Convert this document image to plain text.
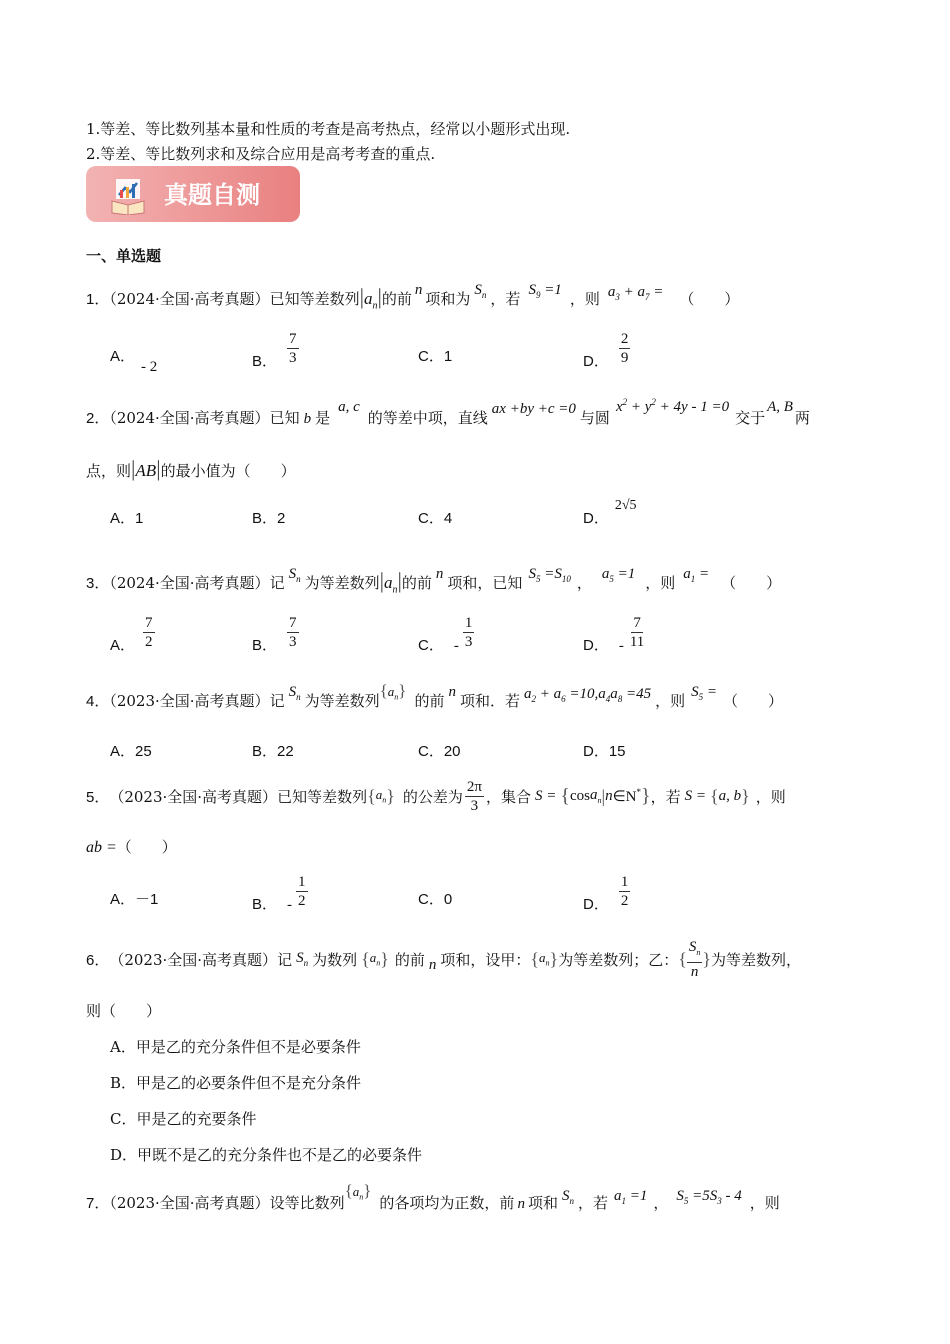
1.等差、等比数列基本量和性质的考查是高考热点，经常以小题形式出现.
2.等差、等比数列求和及综合应用是高考考查的重点.
真题自测
一、单选题
1．（2024·全国·高考真题）已知等差数列$|a_n|$的前 n 项和为 $S_n$ ，若 $S_9 =1$ ，则 $a_3 + a_7$ = （　　）
A．- 2	B． $\frac{7}{3}$	C．1	D． $\frac{2}{9}$
2．（2024·全国·高考真题）已知 b 是a, c的等差中项，直线 ax +by +c =0 与圆$x^2 + y^2 + 4y - 1 =0$交于A, B两
点，则|AB|的最小值为（　　）
A．1	B．2	C．4	D．2√5
3．（2024·全国·高考真题）记 $S_n$ 为等差数列$|a_n|$的前 n 项和，已知 $S_5 =S_{10}$ ， $a_5 =1$ ，则 $a_1$ = （　　）
A． $\frac{7}{2}$	B． $\frac{7}{3}$	C． - $\frac{1}{3}$	D． - $\frac{7}{11}$
4．（2023·全国·高考真题）记 $S_n$ 为等差数列$\{a_n\}$的前 n 项和．若 $a_2 + a_6 =10,a_4a_8 =45$ ，则 $S_5$ = （　　）
A．25	B．22	C．20	D．15
5． （2023·全国·高考真题） 已知等差数列 { $a_n$ } 的公差为 $\frac{2\pi}{3}$ ，集合 S = { $\cos a_n$ | n ∈N* } ，若 S = { a, b } ，则
ab =（　　）
A．－1	B． - $\frac{1}{2}$	C．0	D． $\frac{1}{2}$
6． （2023·全国·高考真题） 记 $S_n$ 为数列 { $a_n$ } 的前 n 项和，设甲： { $a_n$ } 为等差数列；乙： { $\frac{S_n}{n}$ } 为等差数列，
则（　　）
A．甲是乙的充分条件但不是必要条件
B．甲是乙的必要条件但不是充分条件
C．甲是乙的充要条件
D．甲既不是乙的充分条件也不是乙的必要条件
7．（2023·全国·高考真题）设等比数列$\{a_n\}$的各项均为正数，前 n 项和 $S_n$ ，若 $a_1 =1$ ， $S_5 =5S_3 - 4$ ，则
